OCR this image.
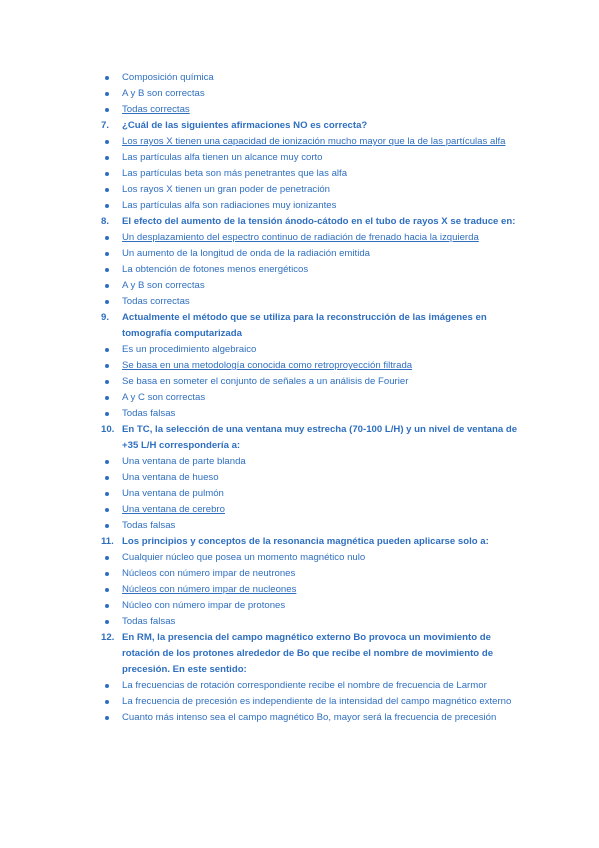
Composición química
A y B son correctas
Todas correctas
7.	¿Cuál de las siguientes afirmaciones NO es correcta?
Los rayos X tienen una capacidad de ionización mucho mayor que la de las partículas alfa
Las partículas alfa tienen un alcance muy corto
Las partículas beta son más penetrantes que las alfa
Los rayos X tienen un gran poder de penetración
Las partículas alfa son radiaciones muy ionizantes
8.	El efecto del aumento de la tensión ánodo-cátodo en el tubo de rayos X se traduce en:
Un desplazamiento del espectro continuo de radiación de frenado hacia la izquierda
Un aumento de la longitud de onda de la radiación emitida
La obtención de fotones menos energéticos
A y B son correctas
Todas correctas
9.	Actualmente el método que se utiliza para la reconstrucción de las imágenes en tomografía computarizada
Es un procedimiento algebraico
Se basa en una metodología conocida como retroproyección filtrada
Se basa en someter el conjunto de señales a un análisis de Fourier
A y C son correctas
Todas falsas
10. En TC, la selección de una ventana muy estrecha (70-100 L/H) y un nivel de ventana de +35 L/H correspondería a:
Una ventana de parte blanda
Una ventana de hueso
Una ventana de pulmón
Una ventana de cerebro
Todas falsas
11. Los principios y conceptos de la resonancia magnética pueden aplicarse solo a:
Cualquier núcleo que posea un momento magnético nulo
Núcleos con número impar de neutrones
Núcleos con número impar de nucleones
Núcleo con número impar de protones
Todas falsas
12. En RM, la presencia del campo magnético externo Bo provoca un movimiento de rotación de los protones alrededor de Bo que recibe el nombre de movimiento de precesión. En este sentido:
La frecuencias de rotación correspondiente recibe el nombre de frecuencia de Larmor
La frecuencia de precesión es independiente de la intensidad del campo magnético externo
Cuanto más intenso sea el campo magnético Bo, mayor será la frecuencia de precesión
